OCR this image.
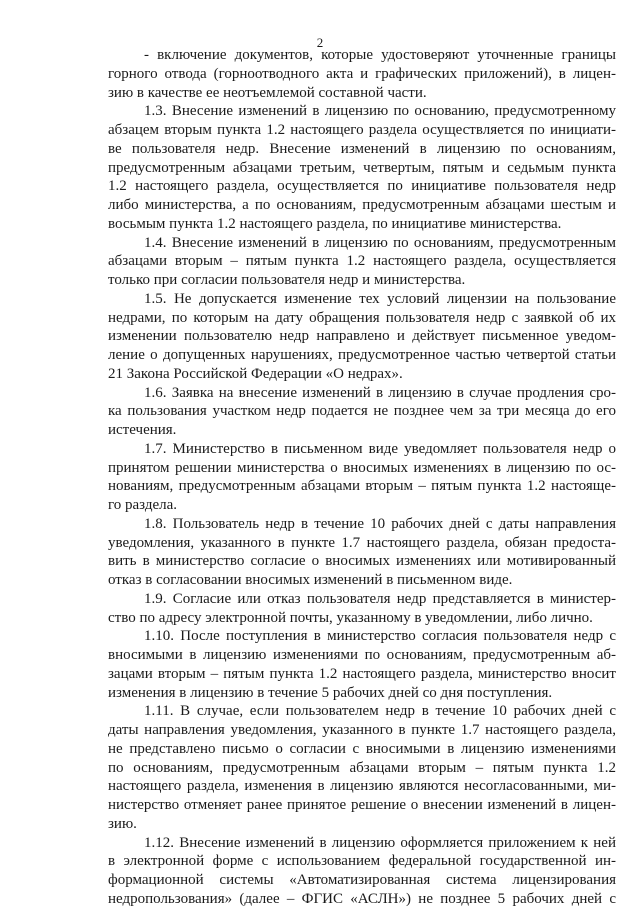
2
- включение документов, которые удостоверяют уточненные границы
горного отвода (горноотводного акта и графических приложений), в лицен-
зию в качестве ее неотъемлемой составной части.
1.3. Внесение изменений в лицензию по основанию, предусмотренному
абзацем вторым пункта 1.2 настоящего раздела осуществляется по инициати-
ве пользователя недр. Внесение изменений в лицензию по основаниям,
предусмотренным абзацами третьим, четвертым, пятым и седьмым пункта
1.2 настоящего раздела, осуществляется по инициативе пользователя недр
либо министерства, а по основаниям, предусмотренным абзацами шестым и
восьмым пункта 1.2 настоящего раздела, по инициативе министерства.
1.4. Внесение изменений в лицензию по основаниям, предусмотренным
абзацами вторым – пятым пункта 1.2 настоящего раздела, осуществляется
только при согласии пользователя недр и министерства.
1.5. Не допускается изменение тех условий лицензии на пользование
недрами, по которым на дату обращения пользователя недр с заявкой об их
изменении пользователю недр направлено и действует письменное уведом-
ление о допущенных нарушениях, предусмотренное частью четвертой статьи
21 Закона Российской Федерации «О недрах».
1.6. Заявка на внесение изменений в лицензию в случае продления сро-
ка пользования участком недр подается не позднее чем за три месяца до его
истечения.
1.7. Министерство в письменном виде уведомляет пользователя недр о
принятом решении министерства о вносимых изменениях в лицензию по ос-
нованиям, предусмотренным абзацами вторым – пятым пункта 1.2 настояще-
го раздела.
1.8. Пользователь недр в течение 10 рабочих дней с даты направления
уведомления, указанного в пункте 1.7 настоящего раздела, обязан предоста-
вить в министерство согласие о вносимых изменениях или мотивированный
отказ в согласовании вносимых изменений в письменном виде.
1.9. Согласие или отказ пользователя недр представляется в министер-
ство по адресу электронной почты, указанному в уведомлении, либо лично.
1.10. После поступления в министерство согласия пользователя недр с
вносимыми в лицензию изменениями по основаниям, предусмотренным аб-
зацами вторым – пятым пункта 1.2 настоящего раздела, министерство вносит
изменения в лицензию в течение 5 рабочих дней со дня поступления.
1.11. В случае, если пользователем недр в течение 10 рабочих дней с
даты направления уведомления, указанного в пункте 1.7 настоящего раздела,
не представлено письмо о согласии с вносимыми в лицензию изменениями
по основаниям, предусмотренным абзацами вторым – пятым пункта 1.2
настоящего раздела, изменения в лицензию являются несогласованными, ми-
нистерство отменяет ранее принятое решение о внесении изменений в лицен-
зию.
1.12. Внесение изменений в лицензию оформляется приложением к ней
в электронной форме с использованием федеральной государственной ин-
формационной системы «Автоматизированная система лицензирования
недропользования» (далее – ФГИС «АСЛН») не позднее 5 рабочих дней с
